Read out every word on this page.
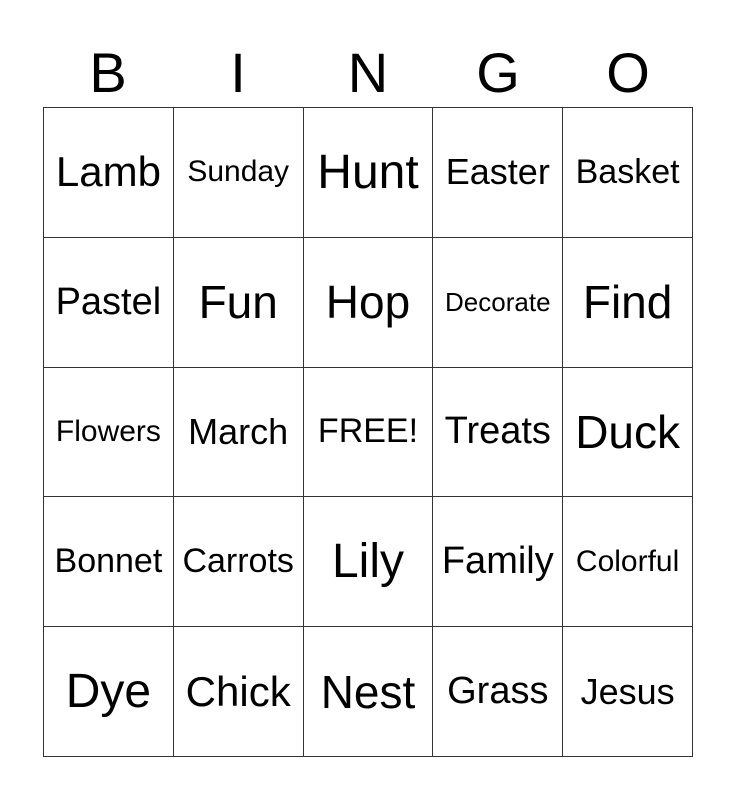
B	I	N	G	O
Lamb Sunday Hunt Easter Basket
Pastel Fun	Hop	Decorate Find
Flowers March FREE! Treats Duck
Bonnet Carrots Lily Family Colorful
Dye Chick Nest Grass Jesus
